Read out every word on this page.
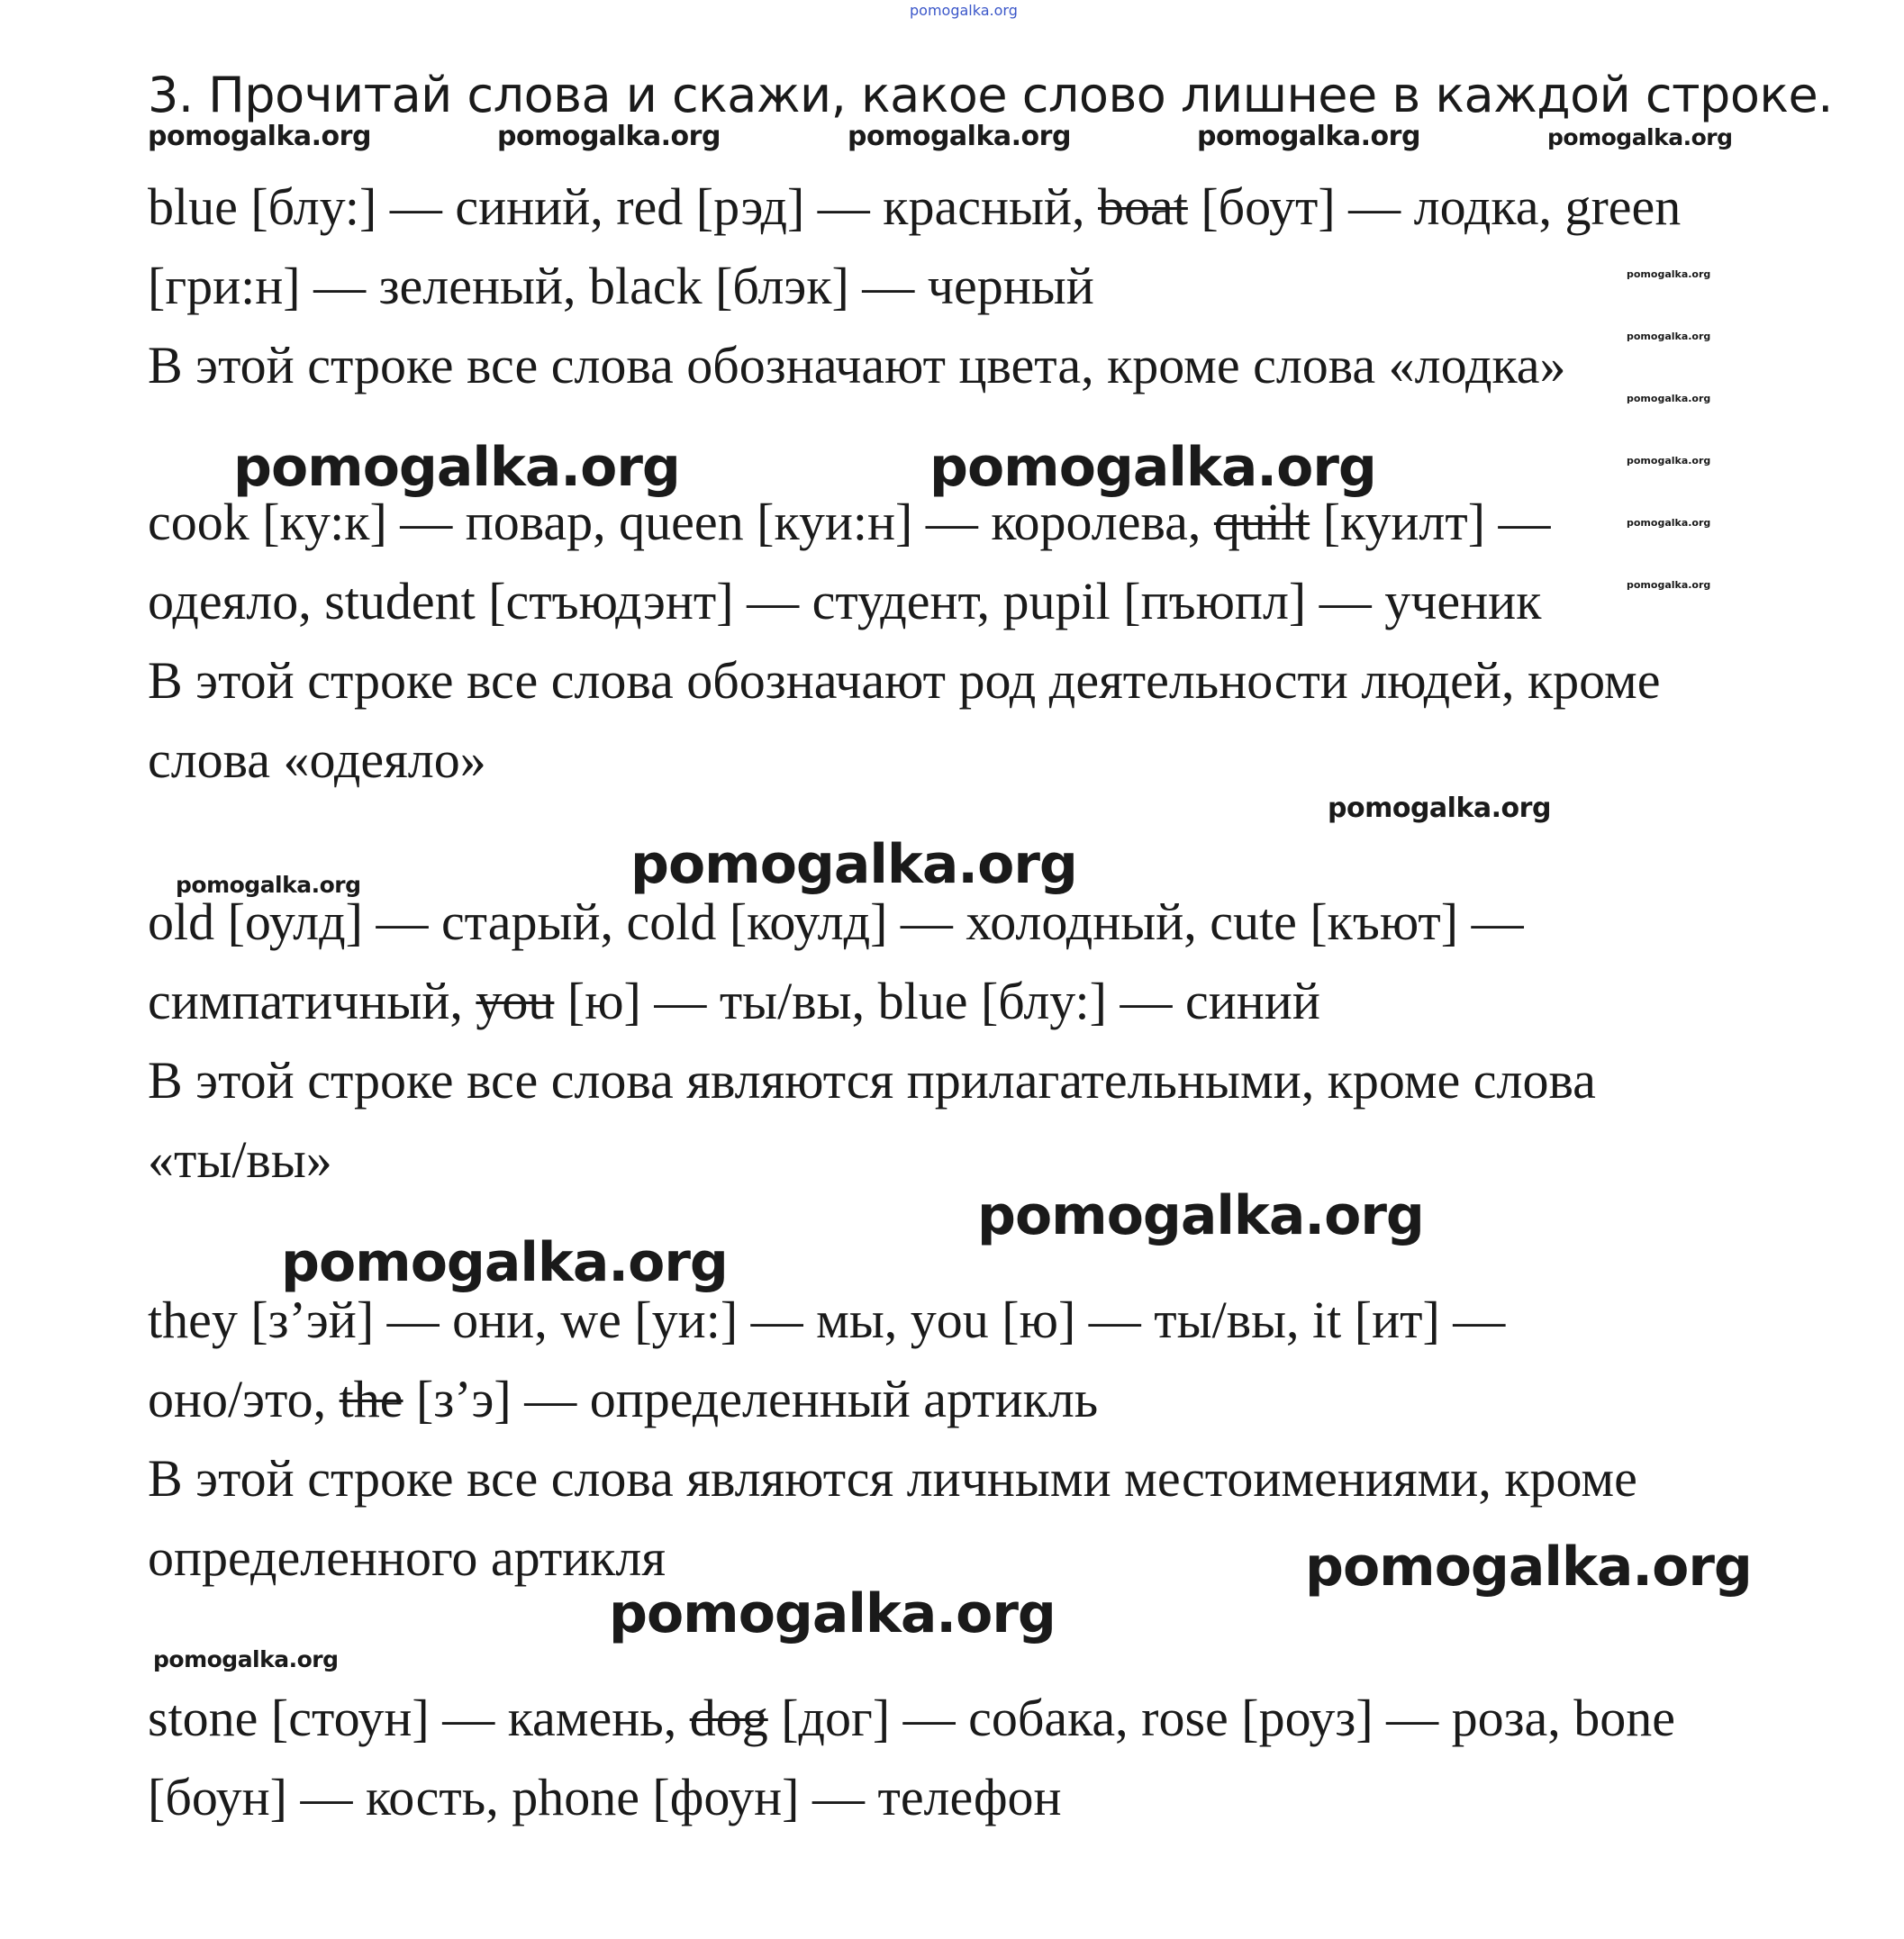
pomogalka.org
3. Прочитай слова и скажи, какое слово лишнее в каждой строке.
pomogalka.org	pomogalka.org	pomogalka.org	pomogalka.org	pomogalka.org
pomogalka.org
pomogalka.org
pomogalka.org
pomogalka.org
pomogalka.org
pomogalka.org
blue [блу:] — синий, red [рэд] — красный, boat [боут] — лодка, green
[гри:н] — зеленый, black [блэк] — черный
В этой строке все слова обозначают цвета, кроме слова «лодка»
pomogalka.org	pomogalka.org
cook [ку:к] — повар, queen [куи:н] — королева, quilt [куилт] —
одеяло, student [стъюдэнт] — студент, pupil [пъюпл] — ученик
В этой строке все слова обозначают род деятельности людей, кроме
слова «одеяло»
pomogalka.org
pomogalka.org	pomogalka.org
old [оулд] — старый, cold [коулд] — холодный, cute [къют] —
симпатичный, you [ю] — ты/вы, blue [блу:] — синий
В этой строке все слова являются прилагательными, кроме слова
«ты/вы»
pomogalka.org
pomogalka.org
they [з’эй] — они, we [уи:] — мы, you [ю] — ты/вы, it [ит] —
оно/это, the [з’э] — определенный артикль
В этой строке все слова являются личными местоимениями, кроме
определенного артикля	pomogalka.org
pomogalka.org
pomogalka.org
stone [стоун] — камень, dog [дог] — собака, rose [роуз] — роза, bone
[боун] — кость, phone [фоун] — телефон
